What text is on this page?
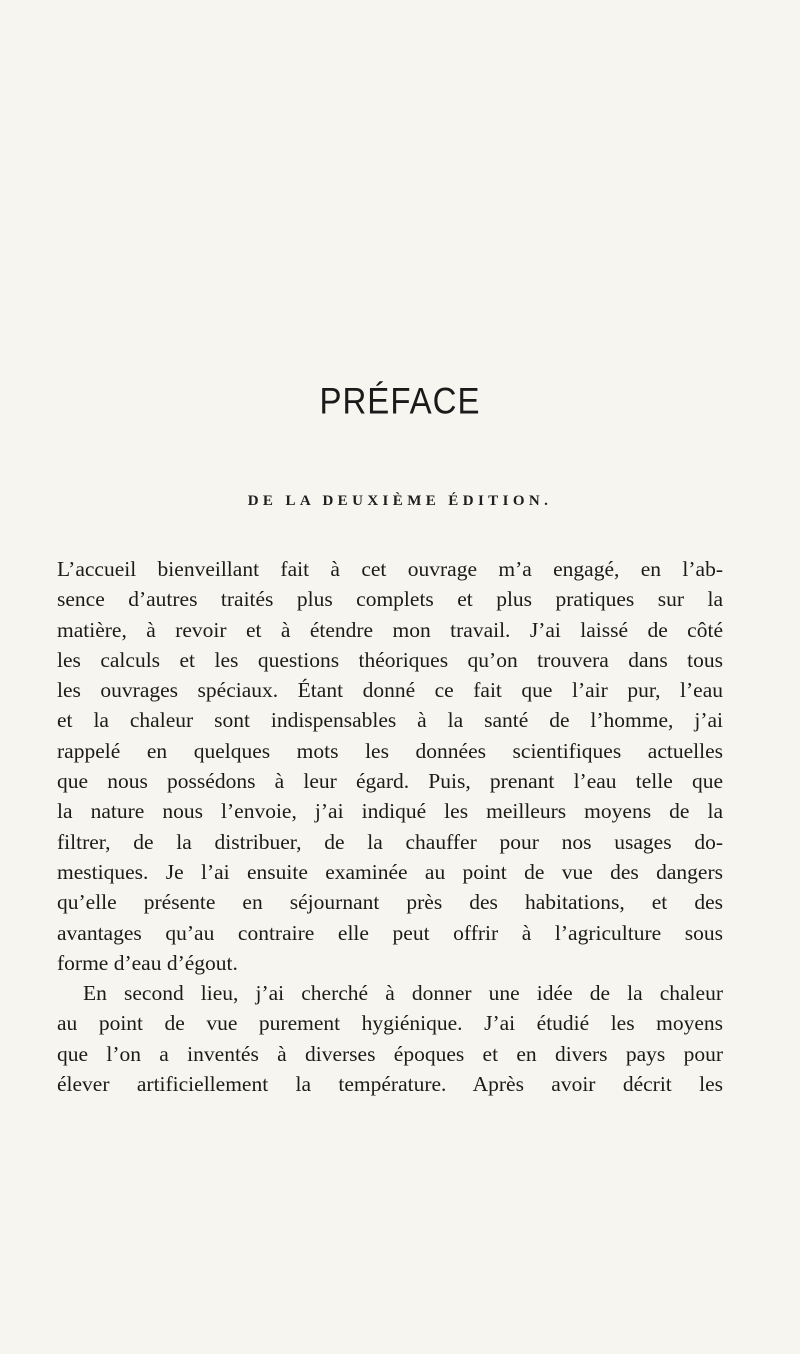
PRÉFACE
DE LA DEUXIÈME ÉDITION.

L’accueil bienveillant fait à cet ouvrage m’a engagé, en l’ab-

sence d’autres traités plus complets et plus pratiques sur la

matière, à revoir et à étendre mon travail. J’ai laissé de côté

les calculs et les questions théoriques qu’on trouvera dans tous

les ouvrages spéciaux. Étant donné ce fait que l’air pur, l’eau

et la chaleur sont indispensables à la santé de l’homme, j’ai

rappelé en quelques mots les données scientifiques actuelles

que nous possédons à leur égard. Puis, prenant l’eau telle que

la nature nous l’envoie, j’ai indiqué les meilleurs moyens de la

filtrer, de la distribuer, de la chauffer pour nos usages do-

mestiques. Je l’ai ensuite examinée au point de vue des dangers

qu’elle présente en séjournant près des habitations, et des

avantages qu’au contraire elle peut offrir à l’agriculture sous

forme d’eau d’égout.

En second lieu, j’ai cherché à donner une idée de la chaleur

au point de vue purement hygiénique. J’ai étudié les moyens

que l’on a inventés à diverses époques et en divers pays pour

élever artificiellement la température. Après avoir décrit les
